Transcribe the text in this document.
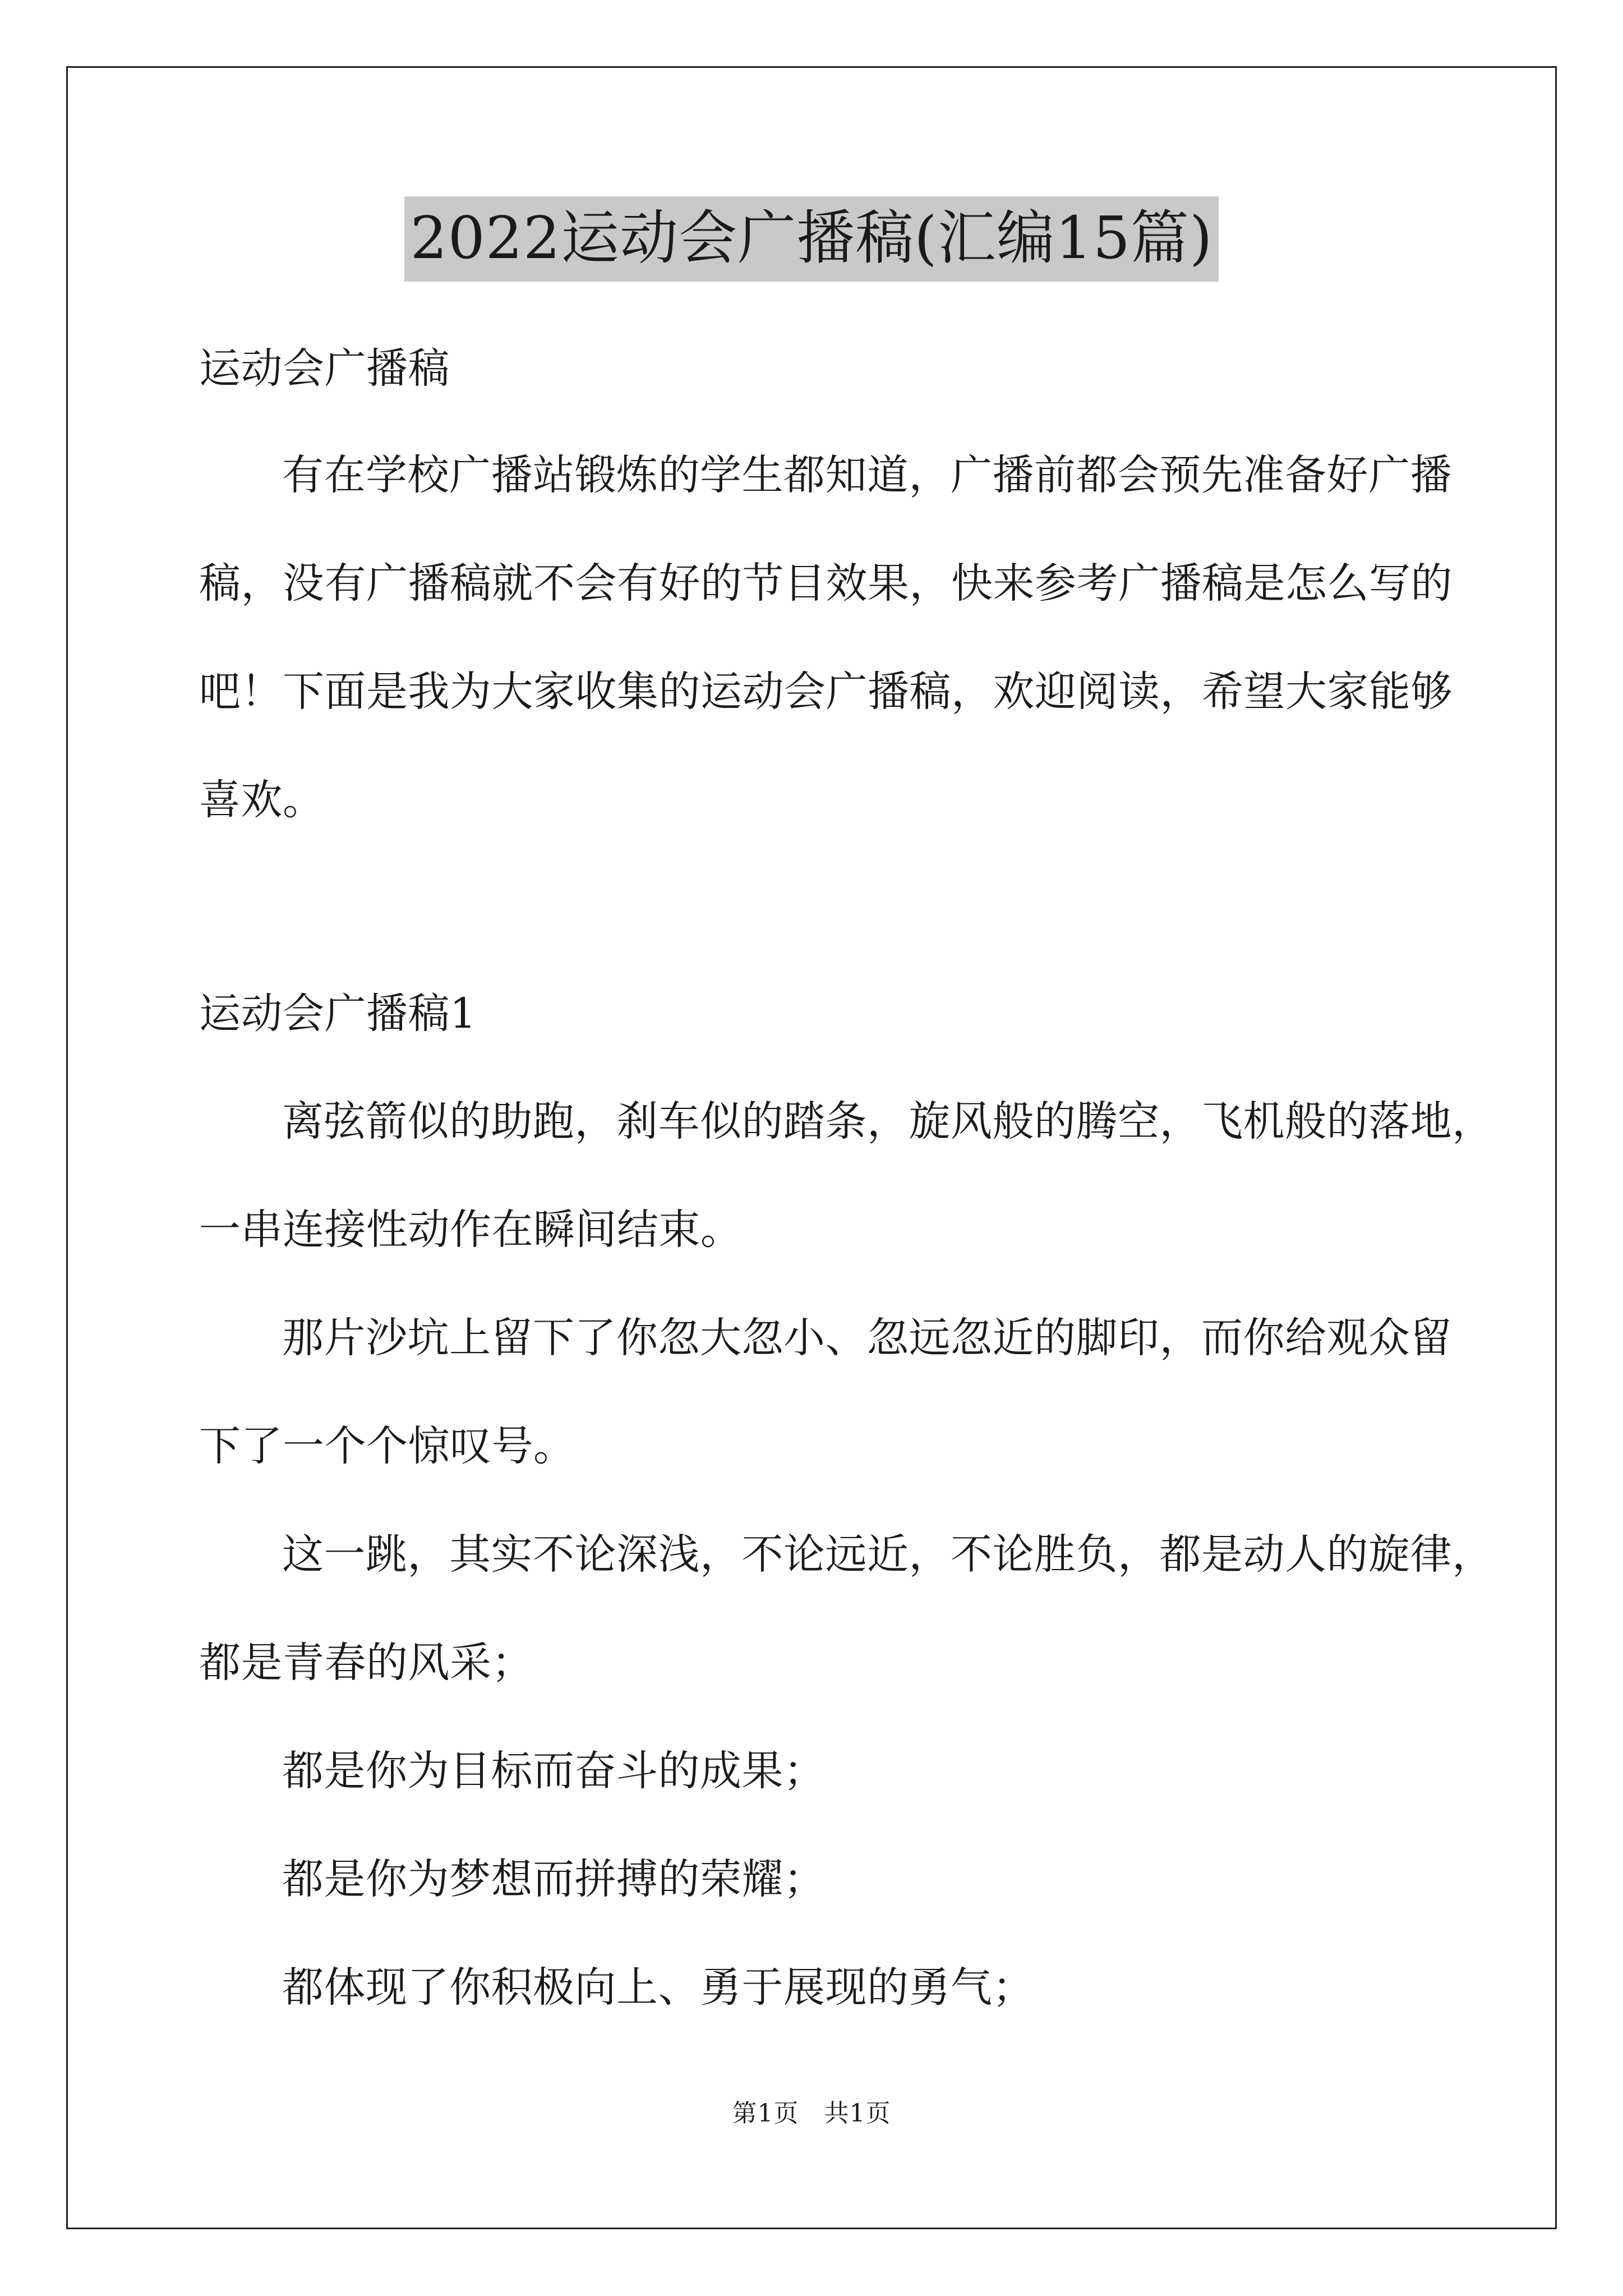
2022运动会广播稿(汇编15篇)
运动会广播稿
有在学校广播站锻炼的学生都知道，广播前都会预先准备好广播
稿，没有广播稿就不会有好的节目效果，快来参考广播稿是怎么写的
吧！下面是我为大家收集的运动会广播稿，欢迎阅读，希望大家能够
喜欢。
运动会广播稿1
离弦箭似的助跑，刹车似的踏条，旋风般的腾空，飞机般的落地，
一串连接性动作在瞬间结束。
那片沙坑上留下了你忽大忽小、忽远忽近的脚印，而你给观众留
下了一个个惊叹号。
这一跳，其实不论深浅，不论远近，不论胜负，都是动人的旋律，
都是青春的风采；
都是你为目标而奋斗的成果；
都是你为梦想而拼搏的荣耀；
都体现了你积极向上、勇于展现的勇气；
第1页　共1页
